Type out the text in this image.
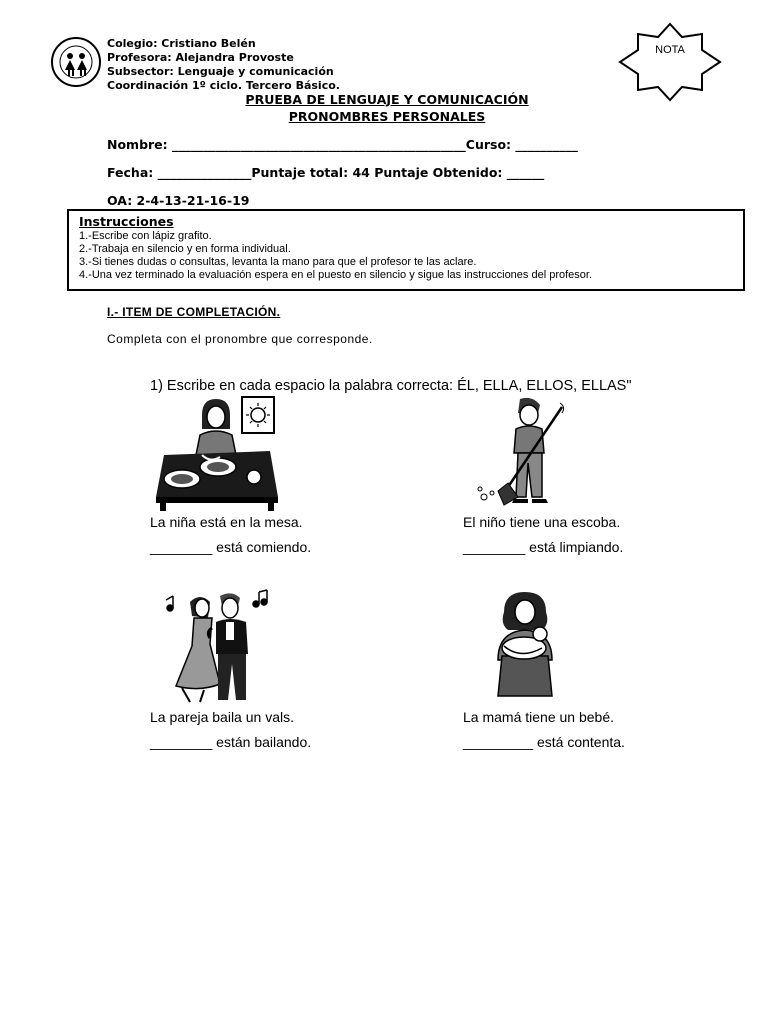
Colegio: Cristiano Belén
Profesora: Alejandra Provoste
Subsector: Lenguaje y comunicación
Coordinación 1º ciclo. Tercero Básico.
NOTA
PRUEBA DE LENGUAJE Y COMUNICACIÓN
PRONOMBRES PERSONALES
Nombre: _______________________________________________Curso: __________
Fecha: _______________Puntaje total: 44 Puntaje Obtenido: ______
OA: 2-4-13-21-16-19
Instrucciones
1.-Escribe con lápiz grafito.
2.-Trabaja en silencio y en forma individual.
3.-Si tienes dudas o consultas, levanta la mano para que el profesor te las aclare.
4.-Una vez terminado la evaluación espera en el puesto en silencio y sigue las instrucciones del profesor.
I.- ITEM DE COMPLETACIÓN.
Completa con el pronombre que corresponde.
1) Escribe en cada espacio la palabra correcta: ÉL, ELLA, ELLOS, ELLAS"
La niña está en la mesa.
________ está comiendo.
El niño tiene una escoba.
________ está limpiando.
La pareja baila un vals.
________ están bailando.
La mamá tiene un bebé.
_________ está contenta.
